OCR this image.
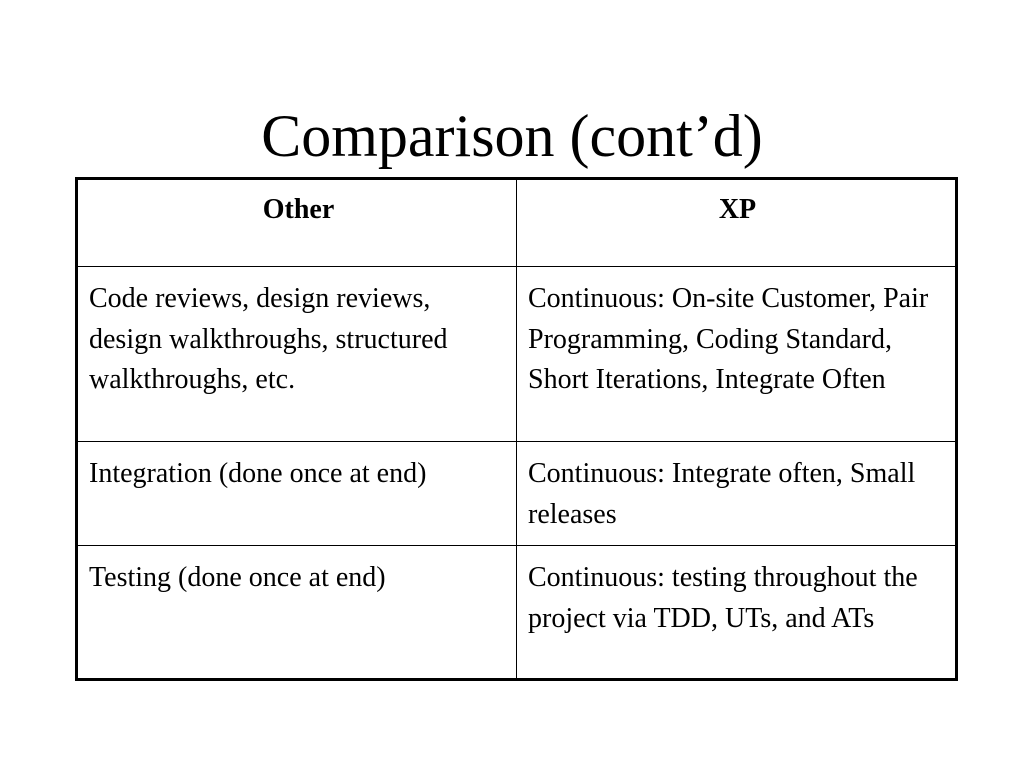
Comparison (cont’d)
Other	XP
Code reviews, design reviews, design walkthroughs, structured walkthroughs, etc.	Continuous: On-site Customer, Pair Programming, Coding Standard, Short Iterations, Integrate Often
Integration (done once at end)	Continuous: Integrate often, Small releases
Testing (done once at end)	Continuous: testing throughout the project via TDD, UTs, and ATs
